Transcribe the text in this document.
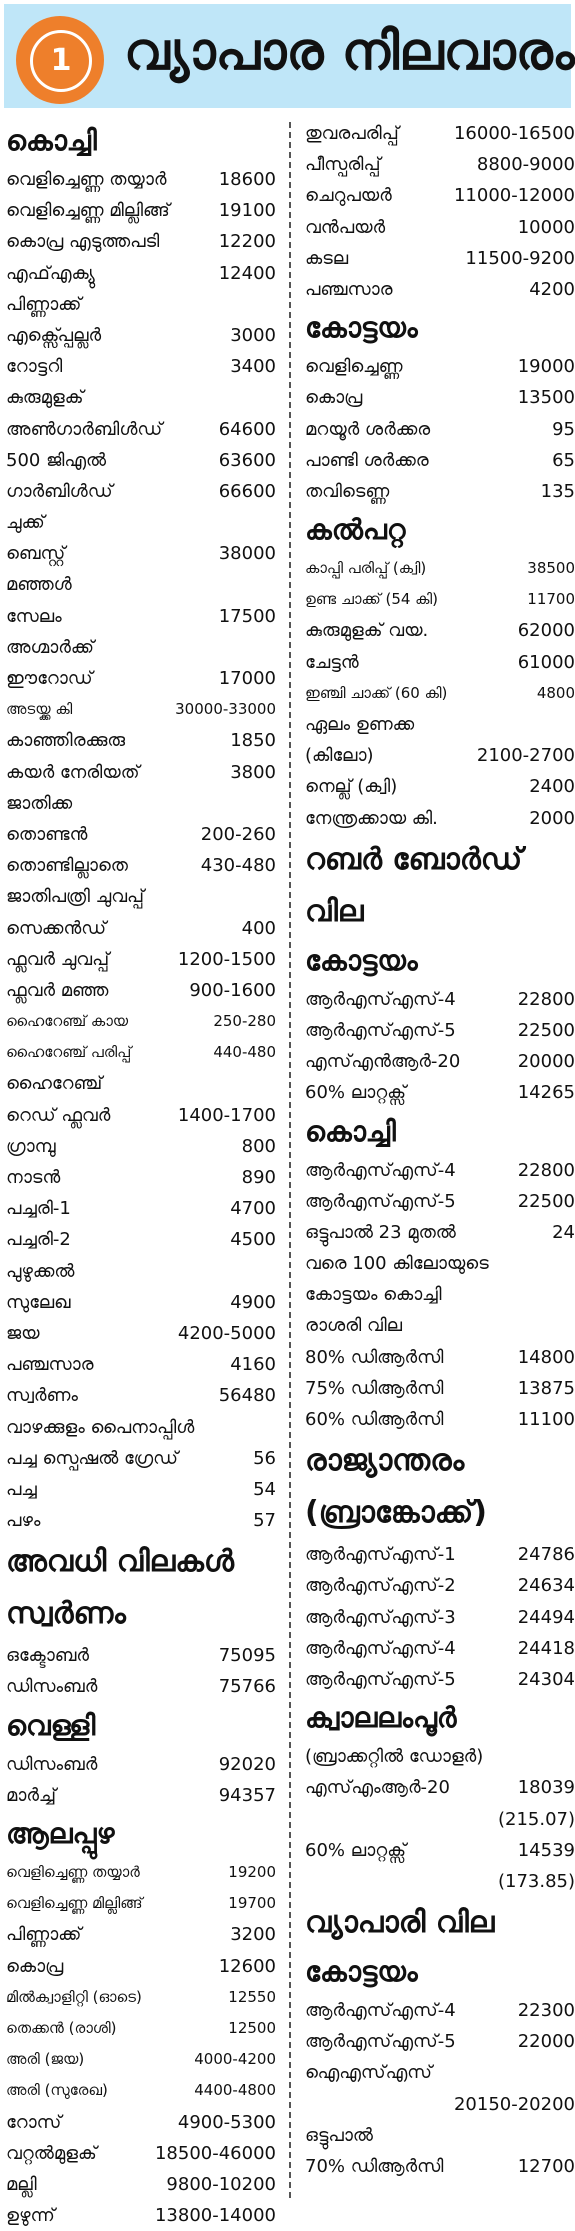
1	വ്യാപാര നിലവാരം
കൊച്ചി
വെളിച്ചെണ്ണ തയ്യാർ	18600
വെളിച്ചെണ്ണ മില്ലിങ്ങ്	19100
കൊപ്ര എടുത്തപടി	12200
എഫ്എക്യു	12400
പിണ്ണാക്ക്
എക്സ്പ്പെല്ലർ	3000
റോട്ടറി	3400
കുരുമുളക്
അൺഗാർബിൾഡ്	64600
500 ജിഎൽ	63600
ഗാർബിൾഡ്	66600
ചുക്ക്
ബെസ്റ്റ്	38000
മഞ്ഞൾ
സേലം	17500
അഗ്മാർക്ക്
ഈറോഡ്	17000
അടയ്ക്ക കി	30000-33000
കാഞ്ഞിരക്കുരു	1850
കയർ നേരിയത്	3800
ജാതിക്ക
തൊണ്ടൻ	200-260
തൊണ്ടില്ലാതെ	430-480
ജാതിപത്രി ചുവപ്പ്
സെക്കൻഡ്	400
ഫ്ലവർ ചുവപ്പ്	1200-1500
ഫ്ലവർ മഞ്ഞ	900-1600
ഹൈറേഞ്ച് കായ	250-280
ഹൈറേഞ്ച് പരിപ്പ്	440-480
ഹൈറേഞ്ച്
റെഡ് ഫ്ലവർ	1400-1700
ഗ്രാമ്പു	800
നാടൻ	890
പച്ചരി-1	4700
പച്ചരി-2	4500
പുഴുക്കൽ
സുലേഖ	4900
ജയ	4200-5000
പഞ്ചസാര	4160
സ്വർണം	56480
വാഴക്കുളം പൈനാപ്പിൾ
പച്ച സ്പെഷൽ ഗ്രേഡ്	56
പച്ച	54
പഴം	57
അവധി വിലകൾ
സ്വർണം
ഒക്ടോബർ	75095
ഡിസംബർ	75766
വെള്ളി
ഡിസംബർ	92020
മാർച്ച്	94357
ആലപ്പുഴ
വെളിച്ചെണ്ണ തയ്യാർ	19200
വെളിച്ചെണ്ണ മില്ലിങ്ങ്	19700
പിണ്ണാക്ക്	3200
കൊപ്ര	12600
മിൽക്വാളിറ്റി (ഓടെ)	12550
തെക്കൻ (രാശി)	12500
അരി (ജയ)	4000-4200
അരി (സുരേഖ)	4400-4800
റോസ്	4900-5300
വറ്റൽമുളക്	18500-46000
മല്ലി	9800-10200
ഉഴുന്ന്	13800-14000
തുവരപരിപ്പ്	16000-16500
പീസ്പരിപ്പ്	8800-9000
ചെറുപയർ	11000-12000
വൻപയർ	10000
കടല	11500-9200
പഞ്ചസാര	4200
കോട്ടയം
വെളിച്ചെണ്ണ	19000
കൊപ്ര	13500
മറയൂർ ശർക്കര	95
പാണ്ടി ശർക്കര	65
തവിടെണ്ണ	135
കൽപറ്റ
കാപ്പി പരിപ്പ് (ക്വി)	38500
ഉണ്ട ചാക്ക് (54 കി)	11700
കുരുമുളക് വയ.	62000
ചേട്ടൻ	61000
ഇഞ്ചി ചാക്ക് (60 കി)	4800
ഏലം ഉണക്ക
(കിലോ)	2100-2700
നെല്ല് (ക്വി)	2400
നേന്ത്രക്കായ കി.	2000
റബർ ബോർഡ്
വില
കോട്ടയം
ആർഎസ്എസ്-4	22800
ആർഎസ്എസ്-5	22500
എസ്എൻആർ-20	20000
60% ലാറ്റക്സ്	14265
കൊച്ചി
ആർഎസ്എസ്-4	22800
ആർഎസ്എസ്-5	22500
ഒട്ടുപാൽ 23 മുതൽ	24
വരെ 100 കിലോയുടെ
കോട്ടയം കൊച്ചി
രാശരി വില
80% ഡിആർസി	14800
75% ഡിആർസി	13875
60% ഡിആർസി	11100
രാജ്യാന്തരം
(ബ്രാങ്കോക്ക്)
ആർഎസ്എസ്-1	24786
ആർഎസ്എസ്-2	24634
ആർഎസ്എസ്-3	24494
ആർഎസ്എസ്-4	24418
ആർഎസ്എസ്-5	24304
ക്വാലലംപൂർ
(ബ്രാക്കറ്റിൽ ഡോളർ)
എസ്എംആർ-20	18039
(215.07)
60% ലാറ്റക്സ്	14539
(173.85)
വ്യാപാരി വില
കോട്ടയം
ആർഎസ്എസ്-4	22300
ആർഎസ്എസ്-5	22000
ഐഎസ്എസ്
20150-20200
ഒട്ടുപാൽ
70% ഡിആർസി	12700
